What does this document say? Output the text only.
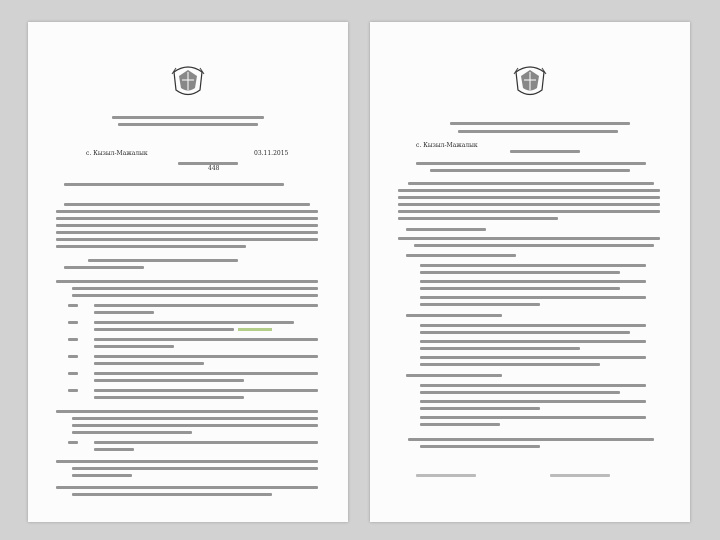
с. Кызыл-Мажалык	03.11.2015
448
с. Кызыл-Мажалык
